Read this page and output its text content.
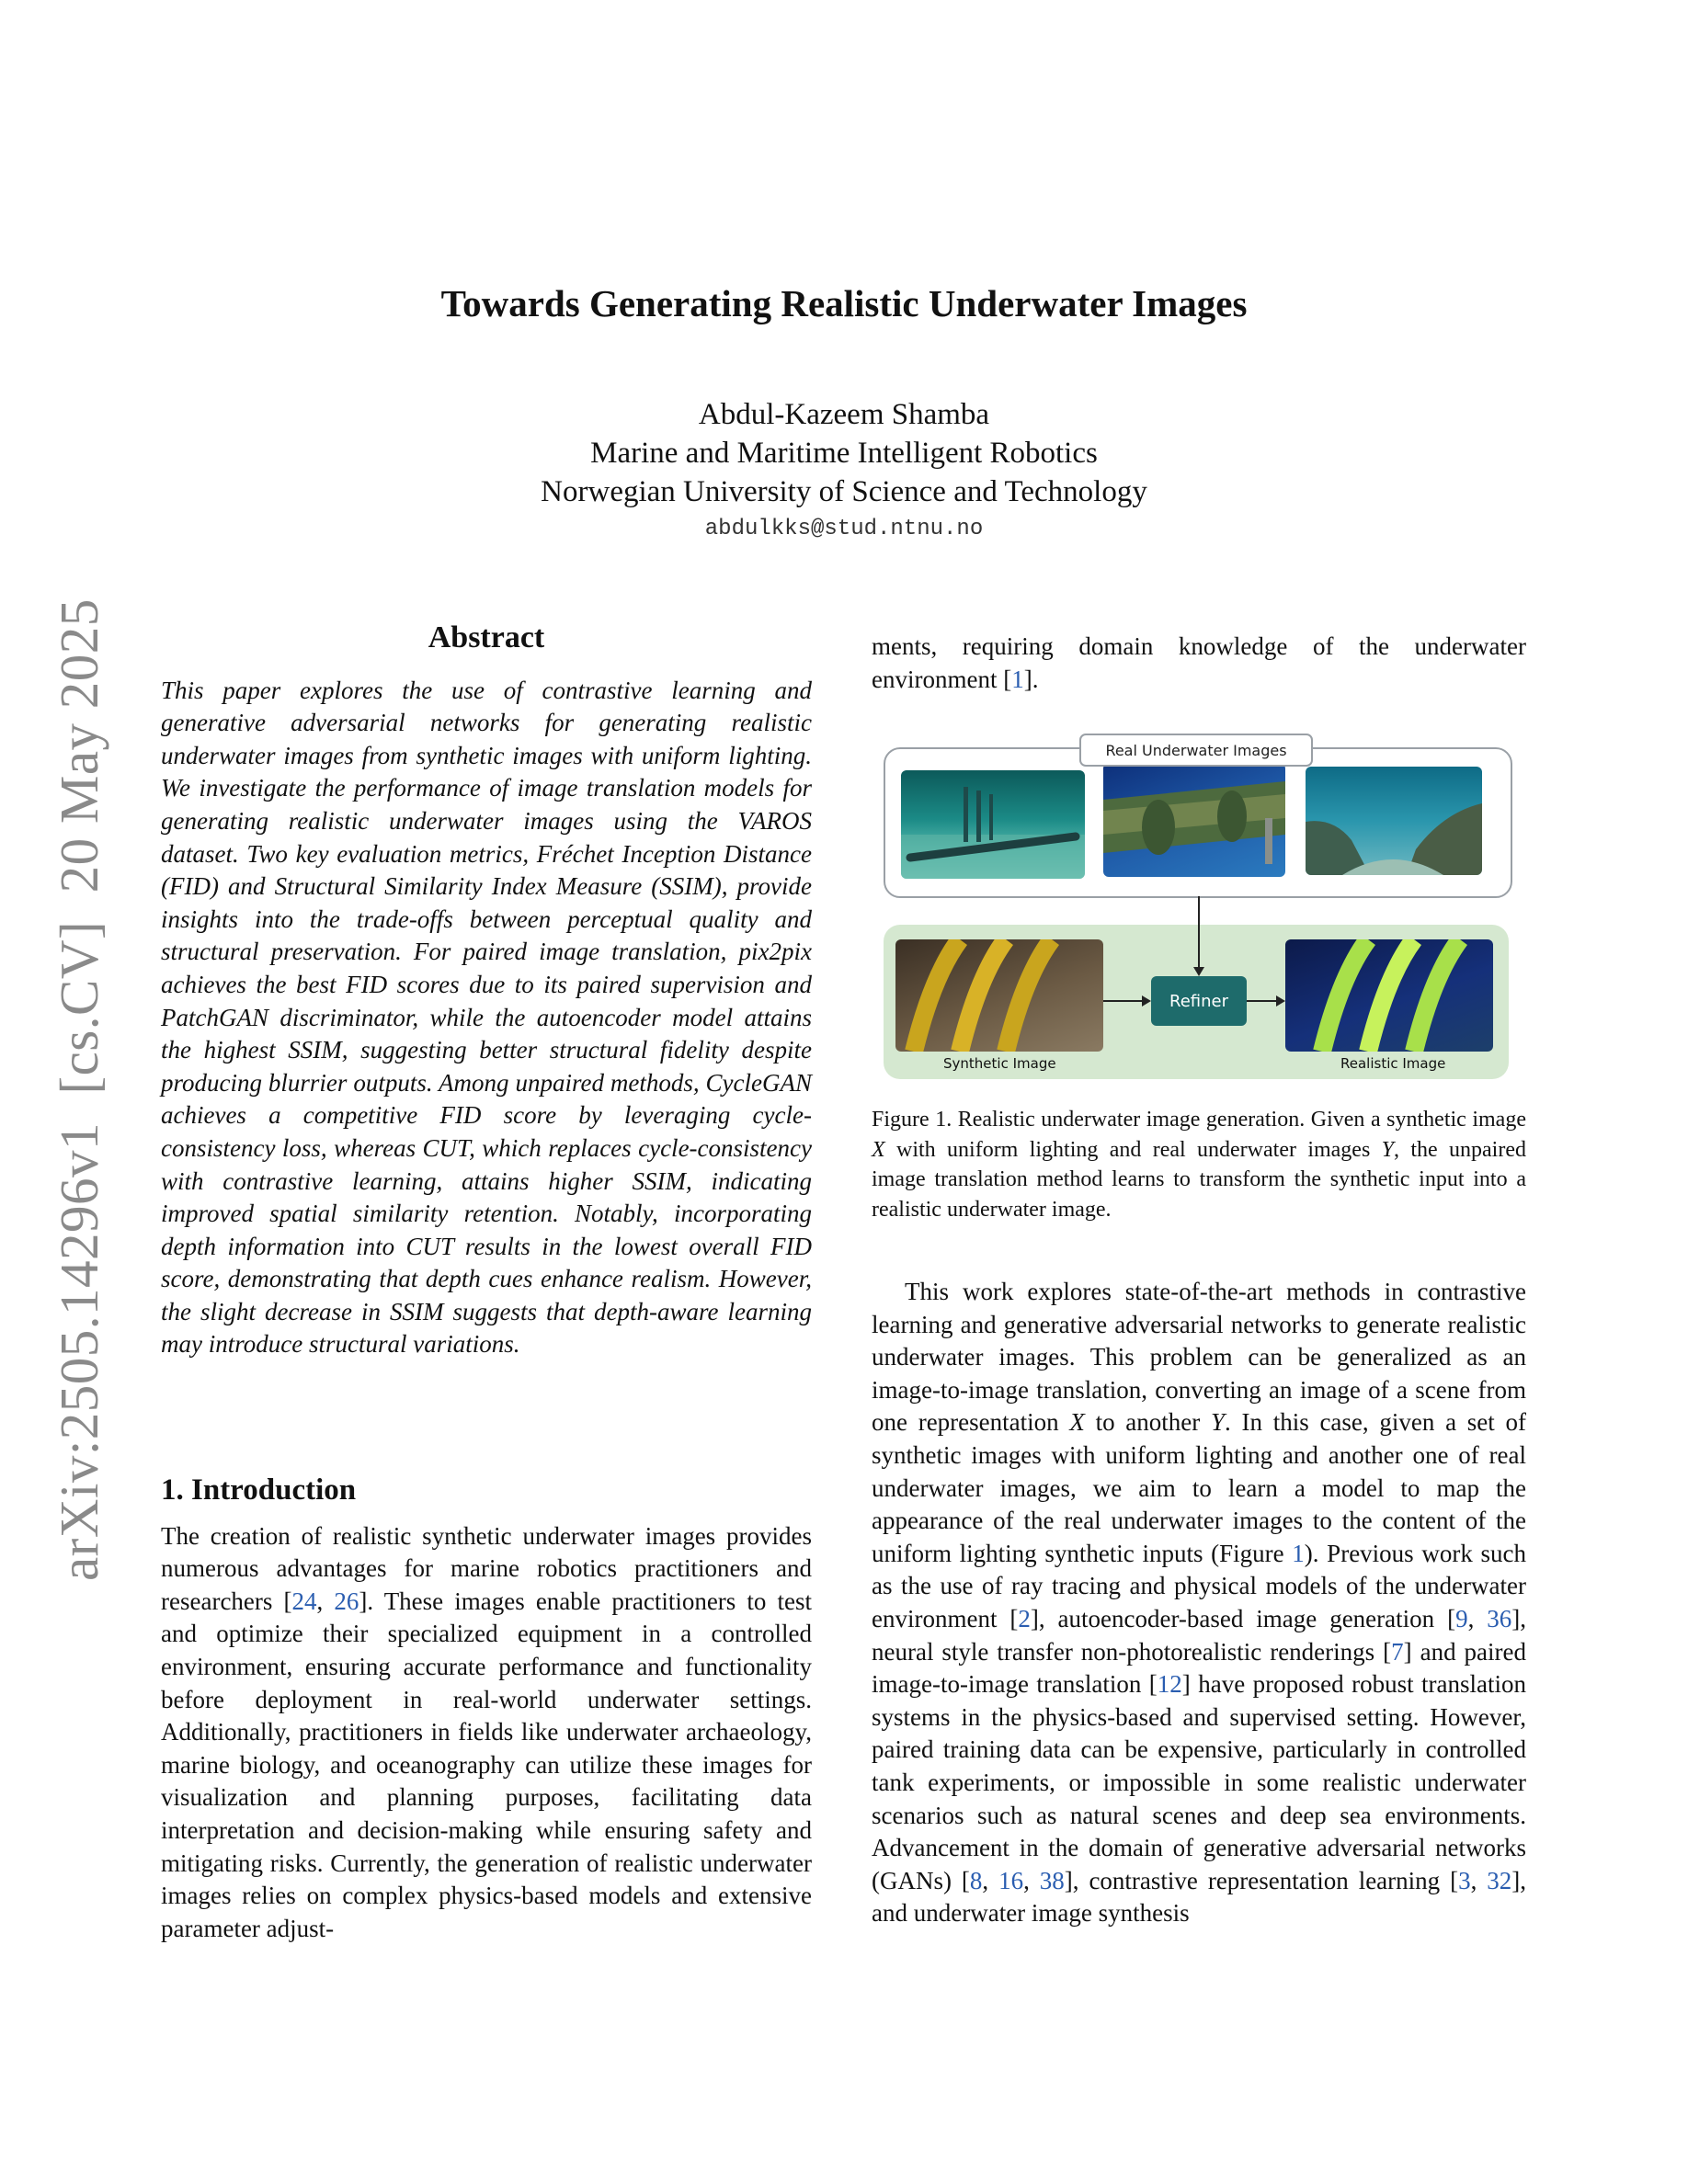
arXiv:2505.14296v1  [cs.CV]  20 May 2025
Towards Generating Realistic Underwater Images
Abdul-Kazeem Shamba
Marine and Maritime Intelligent Robotics
Norwegian University of Science and Technology
abdulkks@stud.ntnu.no
Abstract
This paper explores the use of contrastive learning and generative adversarial networks for generating realistic underwater images from synthetic images with uniform lighting. We investigate the performance of image translation models for generating realistic underwater images using the VAROS dataset. Two key evaluation metrics, Fréchet Inception Distance (FID) and Structural Similarity Index Measure (SSIM), provide insights into the trade-offs between perceptual quality and structural preservation. For paired image translation, pix2pix achieves the best FID scores due to its paired supervision and PatchGAN discriminator, while the autoencoder model attains the highest SSIM, suggesting better structural fidelity despite producing blurrier outputs. Among unpaired methods, CycleGAN achieves a competitive FID score by leveraging cycle-consistency loss, whereas CUT, which replaces cycle-consistency with contrastive learning, attains higher SSIM, indicating improved spatial similarity retention. Notably, incorporating depth information into CUT results in the lowest overall FID score, demonstrating that depth cues enhance realism. However, the slight decrease in SSIM suggests that depth-aware learning may introduce structural variations.
1. Introduction

The creation of realistic synthetic underwater images provides numerous advantages for marine robotics practitioners and researchers [24, 26]. These images enable practitioners to test and optimize their specialized equipment in a controlled environment, ensuring accurate performance and functionality before deployment in real-world underwater settings. Additionally, practitioners in fields like underwater archaeology, marine biology, and oceanography can utilize these images for visualization and planning purposes, facilitating data interpretation and decision-making while ensuring safety and mitigating risks. Currently, the generation of realistic underwater images relies on complex physics-based models and extensive parameter adjust-

ments, requiring domain knowledge of the underwater environment [1].

Real Underwater Images
Refiner
Synthetic Image	Realistic Image
Figure 1. Realistic underwater image generation. Given a synthetic image X with uniform lighting and real underwater images Y, the unpaired image translation method learns to transform the synthetic input into a realistic underwater image.

This work explores state-of-the-art methods in contrastive learning and generative adversarial networks to generate realistic underwater images. This problem can be generalized as an image-to-image translation, converting an image of a scene from one representation X to another Y. In this case, given a set of synthetic images with uniform lighting and another one of real underwater images, we aim to learn a model to map the appearance of the real underwater images to the content of the uniform lighting synthetic inputs (Figure 1). Previous work such as the use of ray tracing and physical models of the underwater environment [2], autoencoder-based image generation [9, 36], neural style transfer non-photorealistic renderings [7] and paired image-to-image translation [12] have proposed robust translation systems in the physics-based and supervised setting. However, paired training data can be expensive, particularly in controlled tank experiments, or impossible in some realistic underwater scenarios such as natural scenes and deep sea environments. Advancement in the domain of generative adversarial networks (GANs) [8, 16, 38], contrastive representation learning [3, 32], and underwater image synthesis
